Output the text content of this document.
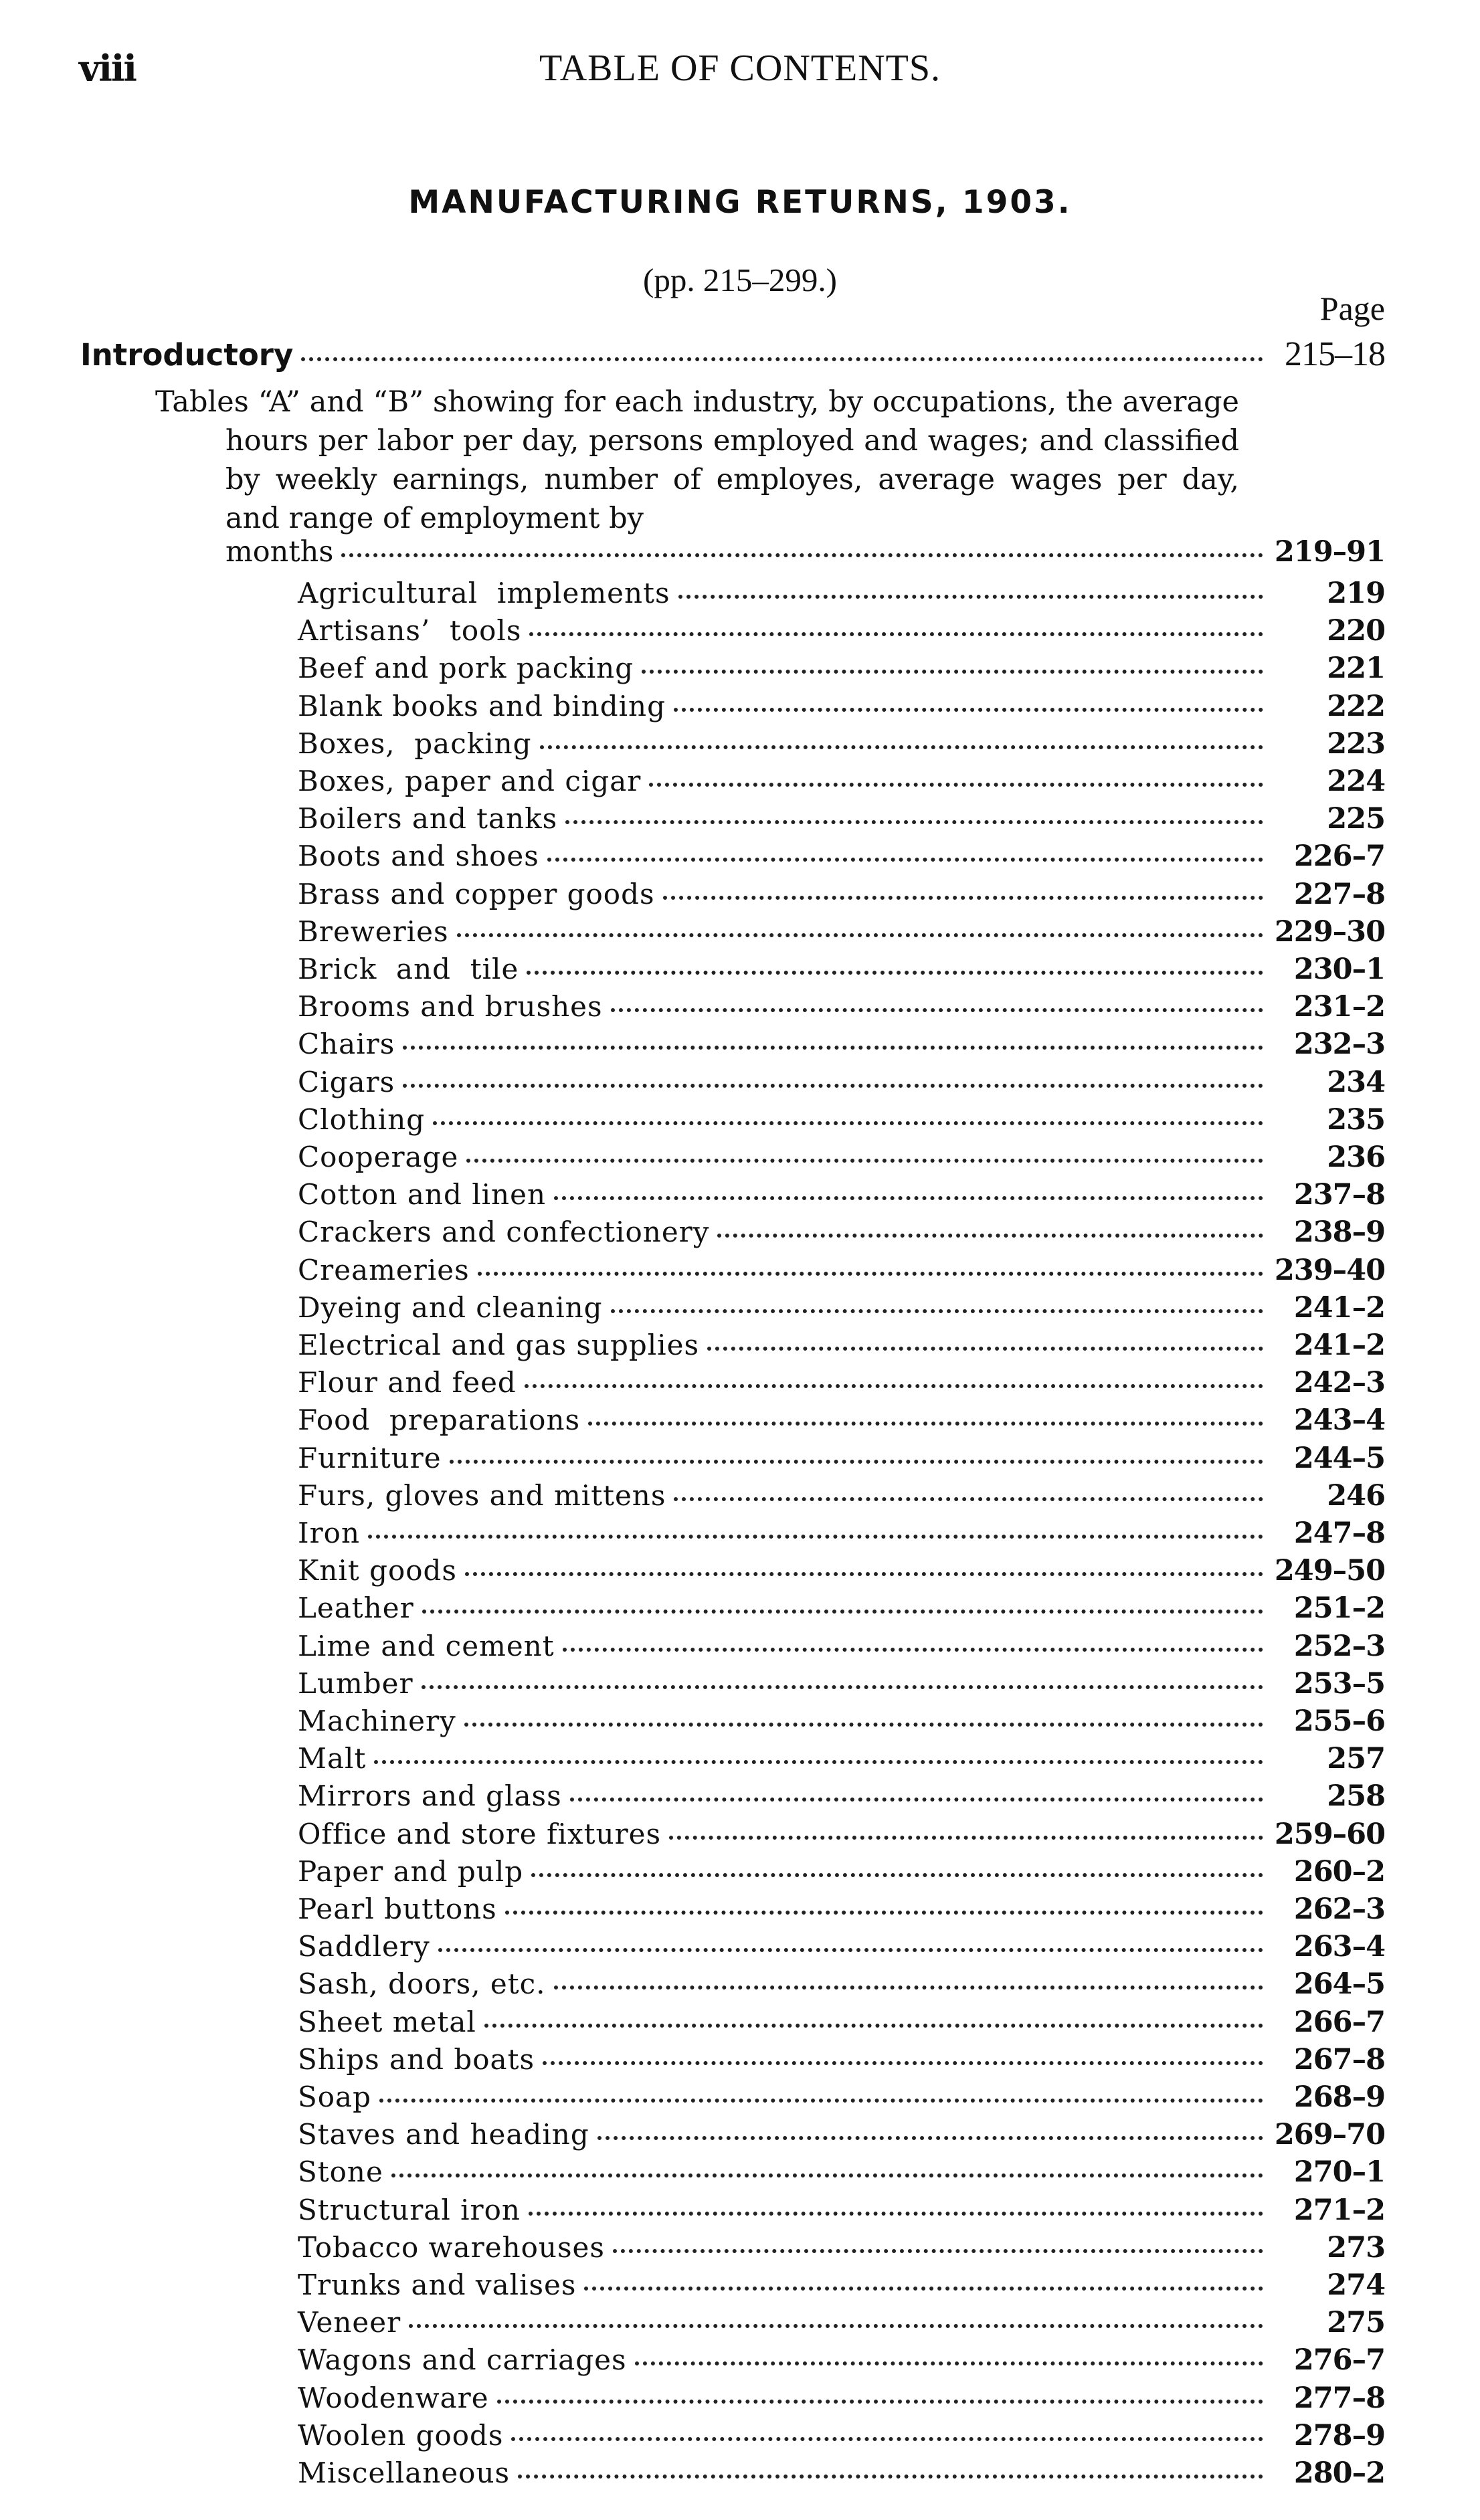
viii	TABLE OF CONTENTS.
MANUFACTURING RETURNS, 1903.
(pp. 215–299.)
Page
Introductory	215–18
Tables “A” and “B” showing for each industry, by occupations, the average hours per labor per day, persons employed and wages; and classified by weekly earnings, number of employes, average wages per day, and range of employment by
months	219–91
Agricultural  implements	219
Artisans’  tools	220
Beef and pork packing	221
Blank books and binding	222
Boxes,  packing	223
Boxes, paper and cigar	224
Boilers and tanks	225
Boots and shoes	226–7
Brass and copper goods	227–8
Breweries	229–30
Brick  and  tile	230–1
Brooms and brushes	231–2
Chairs	232–3
Cigars	234
Clothing	235
Cooperage	236
Cotton and linen	237–8
Crackers and confectionery	238–9
Creameries	239–40
Dyeing and cleaning	241–2
Electrical and gas supplies	241–2
Flour and feed	242–3
Food  preparations	243–4
Furniture	244–5
Furs, gloves and mittens	246
Iron	247–8
Knit goods	249–50
Leather	251–2
Lime and cement	252–3
Lumber	253–5
Machinery	255–6
Malt	257
Mirrors and glass	258
Office and store fixtures	259–60
Paper and pulp	260–2
Pearl buttons	262–3
Saddlery	263–4
Sash, doors, etc.	264–5
Sheet metal	266–7
Ships and boats	267–8
Soap	268–9
Staves and heading	269–70
Stone	270–1
Structural iron	271–2
Tobacco warehouses	273
Trunks and valises	274
Veneer	275
Wagons and carriages	276–7
Woodenware	277–8
Woolen goods	278–9
Miscellaneous	280–2
